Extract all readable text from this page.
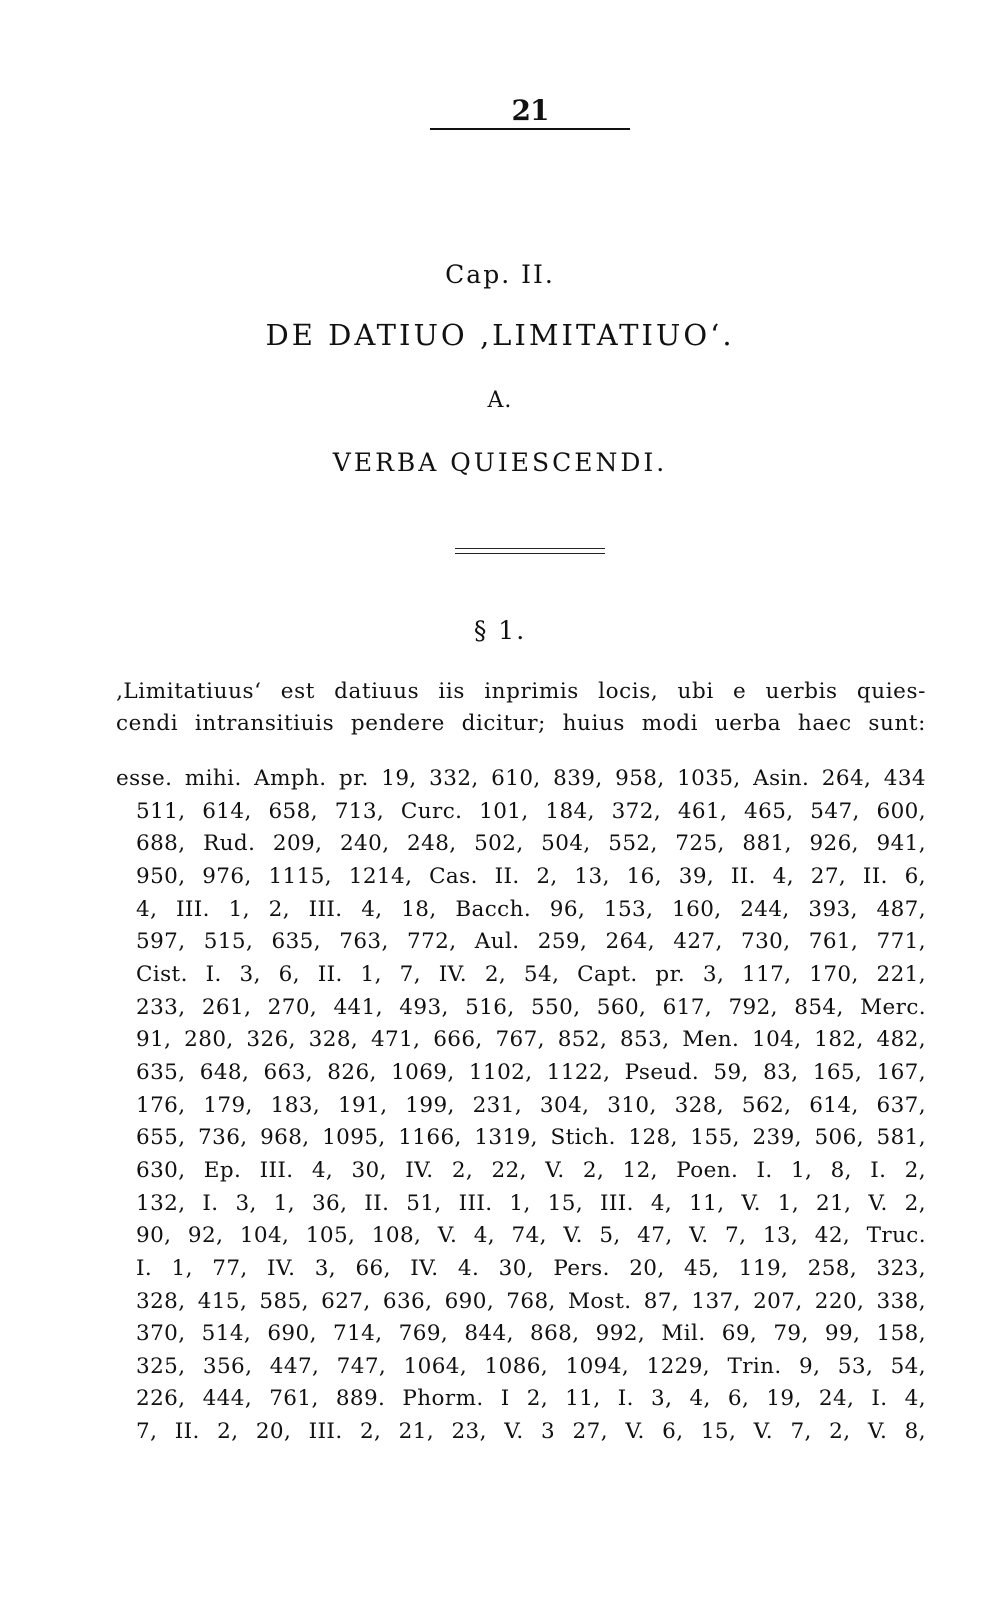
21
Cap. II.
DE DATIUO ‚LIMITATIUO‘.
A.
VERBA QUIESCENDI.
§ 1.
‚Limitatiuus‘ est datiuus iis inprimis locis, ubi e uerbis quies-
cendi intransitiuis pendere dicitur; huius modi uerba haec sunt:
esse. mihi. Amph. pr. 19, 332, 610, 839, 958, 1035, Asin. 264, 434
511, 614, 658, 713, Curc. 101, 184, 372, 461, 465, 547, 600,
688, Rud. 209, 240, 248, 502, 504, 552, 725, 881, 926, 941,
950, 976, 1115, 1214, Cas. II. 2, 13, 16, 39, II. 4, 27, II. 6,
4, III. 1, 2, III. 4, 18, Bacch. 96, 153, 160, 244, 393, 487,
597, 515, 635, 763, 772, Aul. 259, 264, 427, 730, 761, 771,
Cist. I. 3, 6, II. 1, 7, IV. 2, 54, Capt. pr. 3, 117, 170, 221,
233, 261, 270, 441, 493, 516, 550, 560, 617, 792, 854, Merc.
91, 280, 326, 328, 471, 666, 767, 852, 853, Men. 104, 182, 482,
635, 648, 663, 826, 1069, 1102, 1122, Pseud. 59, 83, 165, 167,
176, 179, 183, 191, 199, 231, 304, 310, 328, 562, 614, 637,
655, 736, 968, 1095, 1166, 1319, Stich. 128, 155, 239, 506, 581,
630, Ep. III. 4, 30, IV. 2, 22, V. 2, 12, Poen. I. 1, 8, I. 2,
132, I. 3, 1, 36, II. 51, III. 1, 15, III. 4, 11, V. 1, 21, V. 2,
90, 92, 104, 105, 108, V. 4, 74, V. 5, 47, V. 7, 13, 42, Truc.
I. 1, 77, IV. 3, 66, IV. 4. 30, Pers. 20, 45, 119, 258, 323,
328, 415, 585, 627, 636, 690, 768, Most. 87, 137, 207, 220, 338,
370, 514, 690, 714, 769, 844, 868, 992, Mil. 69, 79, 99, 158,
325, 356, 447, 747, 1064, 1086, 1094, 1229, Trin. 9, 53, 54,
226, 444, 761, 889. Phorm. I 2, 11, I. 3, 4, 6, 19, 24, I. 4,
7, II. 2, 20, III. 2, 21, 23, V. 3 27, V. 6, 15, V. 7, 2, V. 8,
